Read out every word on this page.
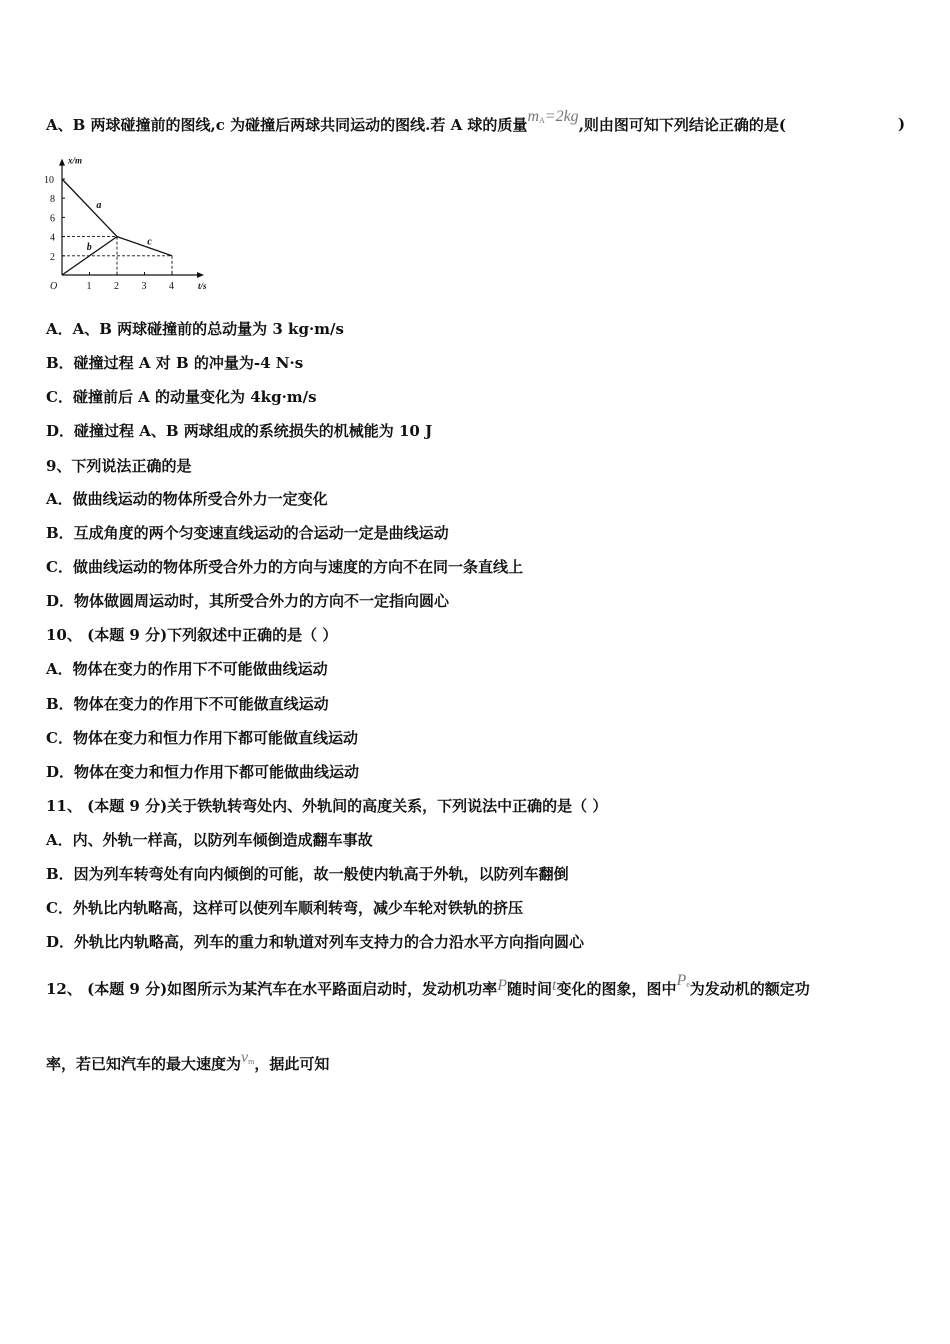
A、B 两球碰撞前的图线,c 为碰撞后两球共同运动的图线.若 A 球的质量$m_A=2kg$,则由图可知下列结论正确的是(	)
x/m
t/s
O	1 2 3 4
2
4
6
8
10
a
b
c
A．A、B 两球碰撞前的总动量为 3 kg·m/s
B．碰撞过程 A 对 B 的冲量为-4 N·s
C．碰撞前后 A 的动量变化为 4kg·m/s
D．碰撞过程 A、B 两球组成的系统损失的机械能为 10 J
9、下列说法正确的是
A．做曲线运动的物体所受合外力一定变化
B．互成角度的两个匀变速直线运动的合运动一定是曲线运动
C．做曲线运动的物体所受合外力的方向与速度的方向不在同一条直线上
D．物体做圆周运动时，其所受合外力的方向不一定指向圆心
10、 (本题 9 分)下列叙述中正确的是（ ）
A．物体在变力的作用下不可能做曲线运动
B．物体在变力的作用下不可能做直线运动
C．物体在变力和恒力作用下都可能做直线运动
D．物体在变力和恒力作用下都可能做曲线运动
11、 (本题 9 分)关于铁轨转弯处内、外轨间的高度关系，下列说法中正确的是（ ）
A．内、外轨一样高，以防列车倾倒造成翻车事故
B．因为列车转弯处有向内倾倒的可能，故一般使内轨高于外轨，以防列车翻倒
C．外轨比内轨略高，这样可以使列车顺利转弯，减少车轮对铁轨的挤压
D．外轨比内轨略高，列车的重力和轨道对列车支持力的合力沿水平方向指向圆心
12、 (本题 9 分)如图所示为某汽车在水平路面启动时，发动机功率P随时间t变化的图象，图中$P_e$为发动机的额定功
率，若已知汽车的最大速度为$v_m$，据此可知
